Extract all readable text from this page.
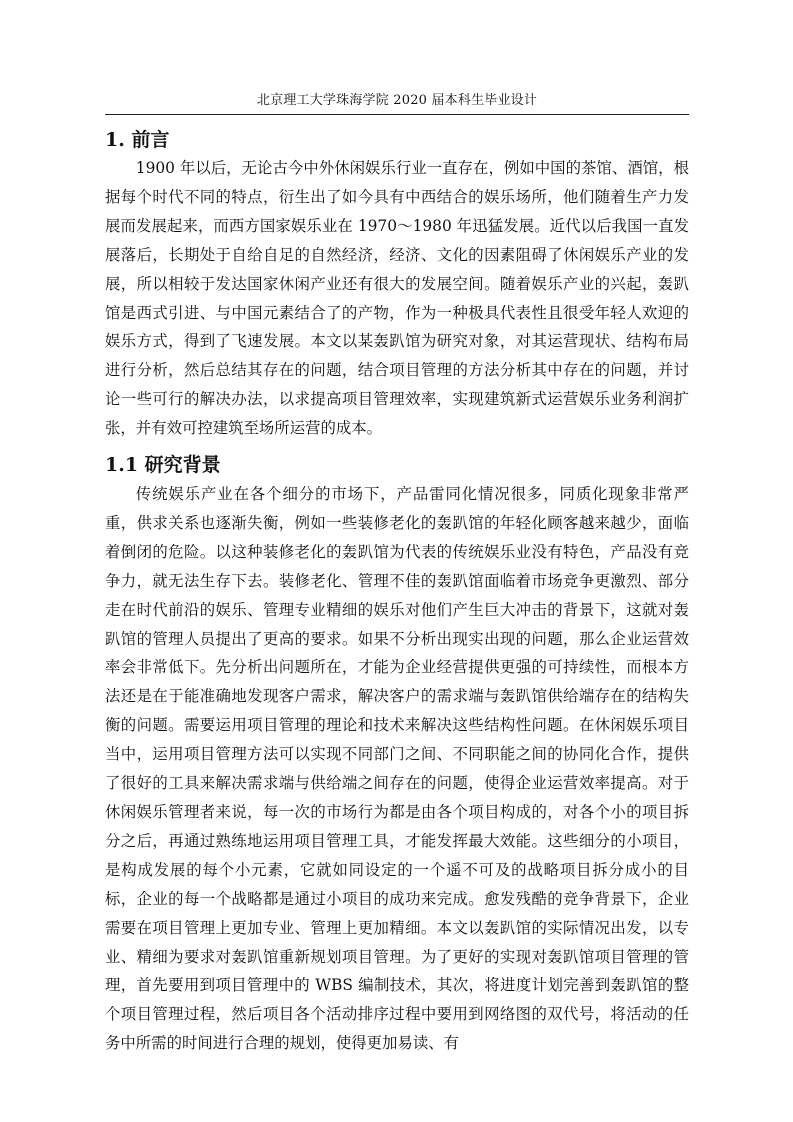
北京理工大学珠海学院 2020 届本科生毕业设计
1. 前言

1900 年以后，无论古今中外休闲娱乐行业一直存在，例如中国的茶馆、酒馆，根据每个时代不同的特点，衍生出了如今具有中西结合的娱乐场所，他们随着生产力发展而发展起来，而西方国家娱乐业在 1970～1980 年迅猛发展。近代以后我国一直发展落后，长期处于自给自足的自然经济，经济、文化的因素阻碍了休闲娱乐产业的发展，所以相较于发达国家休闲产业还有很大的发展空间。随着娱乐产业的兴起，轰趴馆是西式引进、与中国元素结合了的产物，作为一种极具代表性且很受年轻人欢迎的娱乐方式，得到了飞速发展。本文以某轰趴馆为研究对象，对其运营现状、结构布局进行分析，然后总结其存在的问题，结合项目管理的方法分析其中存在的问题，并讨论一些可行的解决办法，以求提高项目管理效率，实现建筑新式运营娱乐业务利润扩张，并有效可控建筑至场所运营的成本。

1.1 研究背景

传统娱乐产业在各个细分的市场下，产品雷同化情况很多，同质化现象非常严重，供求关系也逐渐失衡，例如一些装修老化的轰趴馆的年轻化顾客越来越少，面临着倒闭的危险。以这种装修老化的轰趴馆为代表的传统娱乐业没有特色，产品没有竞争力，就无法生存下去。装修老化、管理不佳的轰趴馆面临着市场竞争更激烈、部分走在时代前沿的娱乐、管理专业精细的娱乐对他们产生巨大冲击的背景下，这就对轰趴馆的管理人员提出了更高的要求。如果不分析出现实出现的问题，那么企业运营效率会非常低下。先分析出问题所在，才能为企业经营提供更强的可持续性，而根本方法还是在于能准确地发现客户需求，解决客户的需求端与轰趴馆供给端存在的结构失衡的问题。需要运用项目管理的理论和技术来解决这些结构性问题。在休闲娱乐项目当中，运用项目管理方法可以实现不同部门之间、不同职能之间的协同化合作，提供了很好的工具来解决需求端与供给端之间存在的问题，使得企业运营效率提高。对于休闲娱乐管理者来说，每一次的市场行为都是由各个项目构成的，对各个小的项目拆分之后，再通过熟练地运用项目管理工具，才能发挥最大效能。这些细分的小项目，是构成发展的每个小元素，它就如同设定的一个遥不可及的战略项目拆分成小的目标，企业的每一个战略都是通过小项目的成功来完成。愈发残酷的竞争背景下，企业需要在项目管理上更加专业、管理上更加精细。本文以轰趴馆的实际情况出发，以专业、精细为要求对轰趴馆重新规划项目管理。为了更好的实现对轰趴馆项目管理的管理，首先要用到项目管理中的 WBS 编制技术，其次，将进度计划完善到轰趴馆的整个项目管理过程，然后项目各个活动排序过程中要用到网络图的双代号，将活动的任务中所需的时间进行合理的规划，使得更加易读、有
